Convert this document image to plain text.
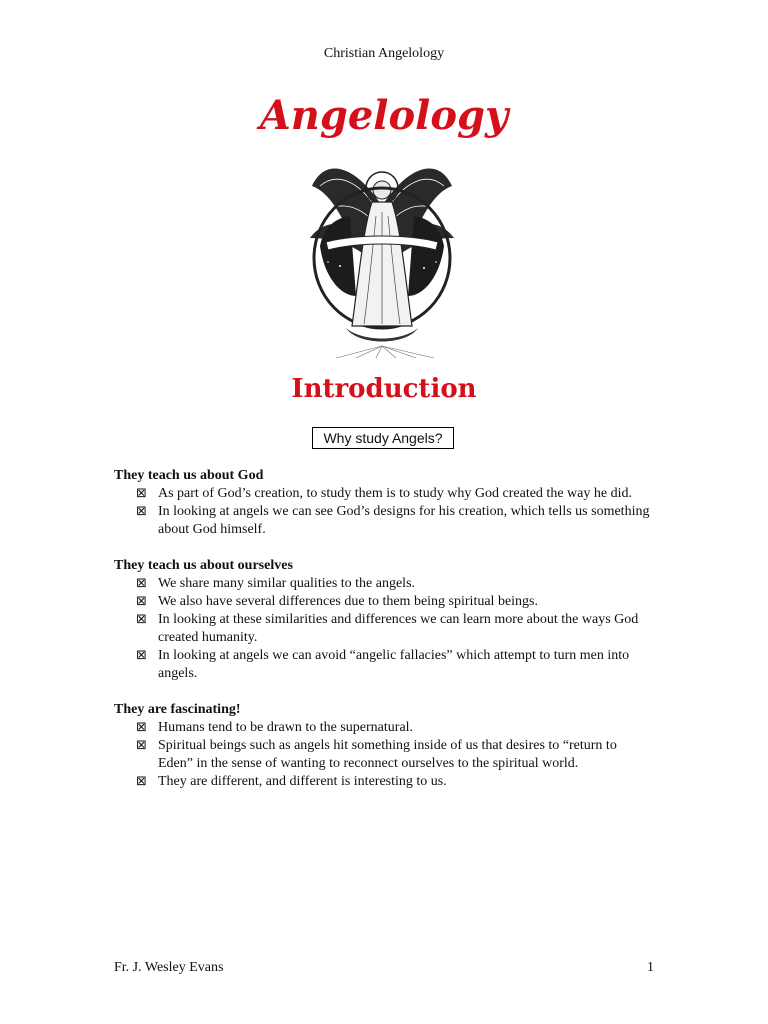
Christian Angelology
Angelology
Introduction
Why study Angels?

They teach us about God

⊠ As part of God’s creation, to study them is to study why God created the way he did.
⊠ In looking at angels we can see God’s designs for his creation, which tells us something about God himself.

They teach us about ourselves

⊠ We share many similar qualities to the angels.
⊠ We also have several differences due to them being spiritual beings.
⊠ In looking at these similarities and differences we can learn more about the ways God created humanity.
⊠ In looking at angels we can avoid “angelic fallacies” which attempt to turn men into angels.

They are fascinating!

⊠ Humans tend to be drawn to the supernatural.
⊠ Spiritual beings such as angels hit something inside of us that desires to “return to Eden” in the sense of wanting to reconnect ourselves to the spiritual world.
⊠ They are different, and different is interesting to us.
Fr. J. Wesley Evans	1
